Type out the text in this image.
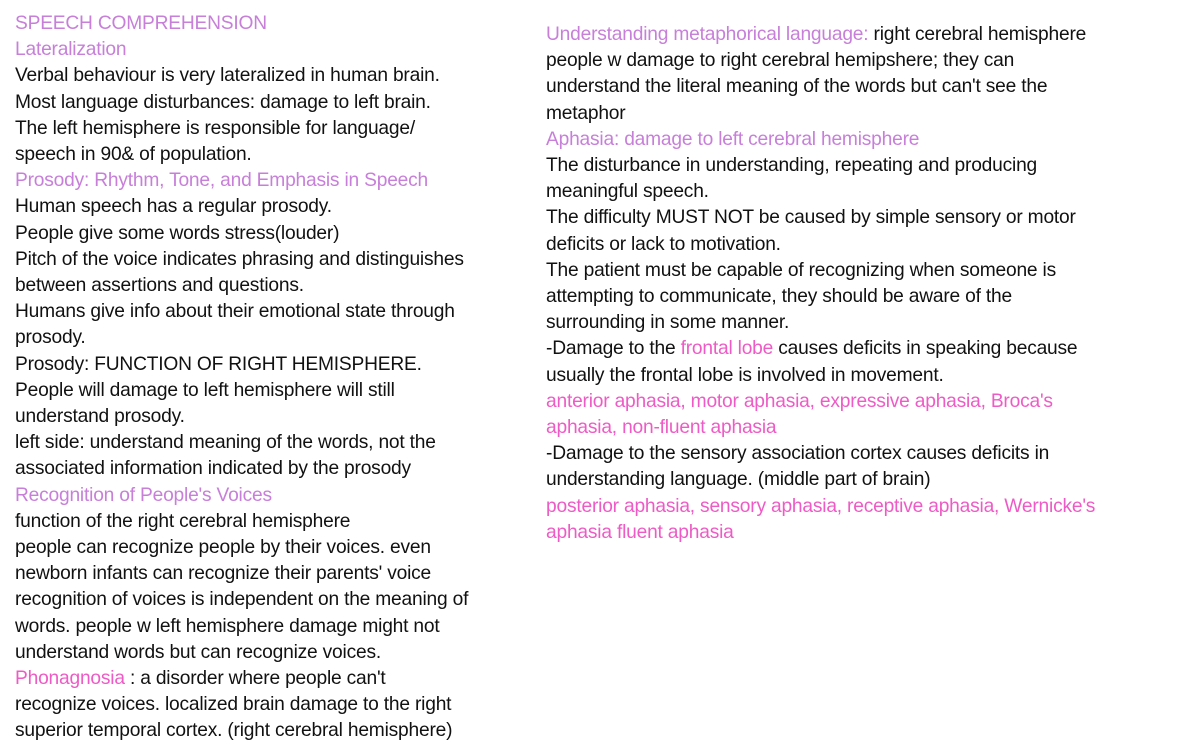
SPEECH COMPREHENSION
Lateralization
Verbal behaviour is very lateralized in human brain.
Most language disturbances: damage to left brain.
The left hemisphere is responsible for language/
speech in 90& of population.
Prosody: Rhythm, Tone, and Emphasis in Speech
Human speech has a regular prosody.
People give some words stress(louder)
Pitch of the voice indicates phrasing and distinguishes
between assertions and questions.
Humans give info about their emotional state through
prosody.
Prosody: FUNCTION OF RIGHT HEMISPHERE.
People will damage to left hemisphere will still
understand prosody.
left side: understand meaning of the words, not the
associated information indicated by the prosody
Recognition of People's Voices
function of the right cerebral hemisphere
people can recognize people by their voices. even
newborn infants can recognize their parents' voice
recognition of voices is independent on the meaning of
words. people w left hemisphere damage might not
understand words but can recognize voices.
Phonagnosia : a disorder where people can't
recognize voices. localized brain damage to the right
superior temporal cortex. (right cerebral hemisphere)
Understanding metaphorical language: right cerebral hemisphere
people w damage to right cerebral hemipshere; they can
understand the literal meaning of the words but can't see the
metaphor
Aphasia: damage to left cerebral hemisphere
The disturbance in understanding, repeating and producing
meaningful speech.
The difficulty MUST NOT be caused by simple sensory or motor
deficits or lack to motivation.
The patient must be capable of recognizing when someone is
attempting to communicate, they should be aware of the
surrounding in some manner.
-Damage to the frontal lobe causes deficits in speaking because
usually the frontal lobe is involved in movement.
anterior aphasia, motor aphasia, expressive aphasia, Broca's
aphasia, non-fluent aphasia
-Damage to the sensory association cortex causes deficits in
understanding language. (middle part of brain)
posterior aphasia, sensory aphasia, receptive aphasia, Wernicke's
aphasia fluent aphasia
